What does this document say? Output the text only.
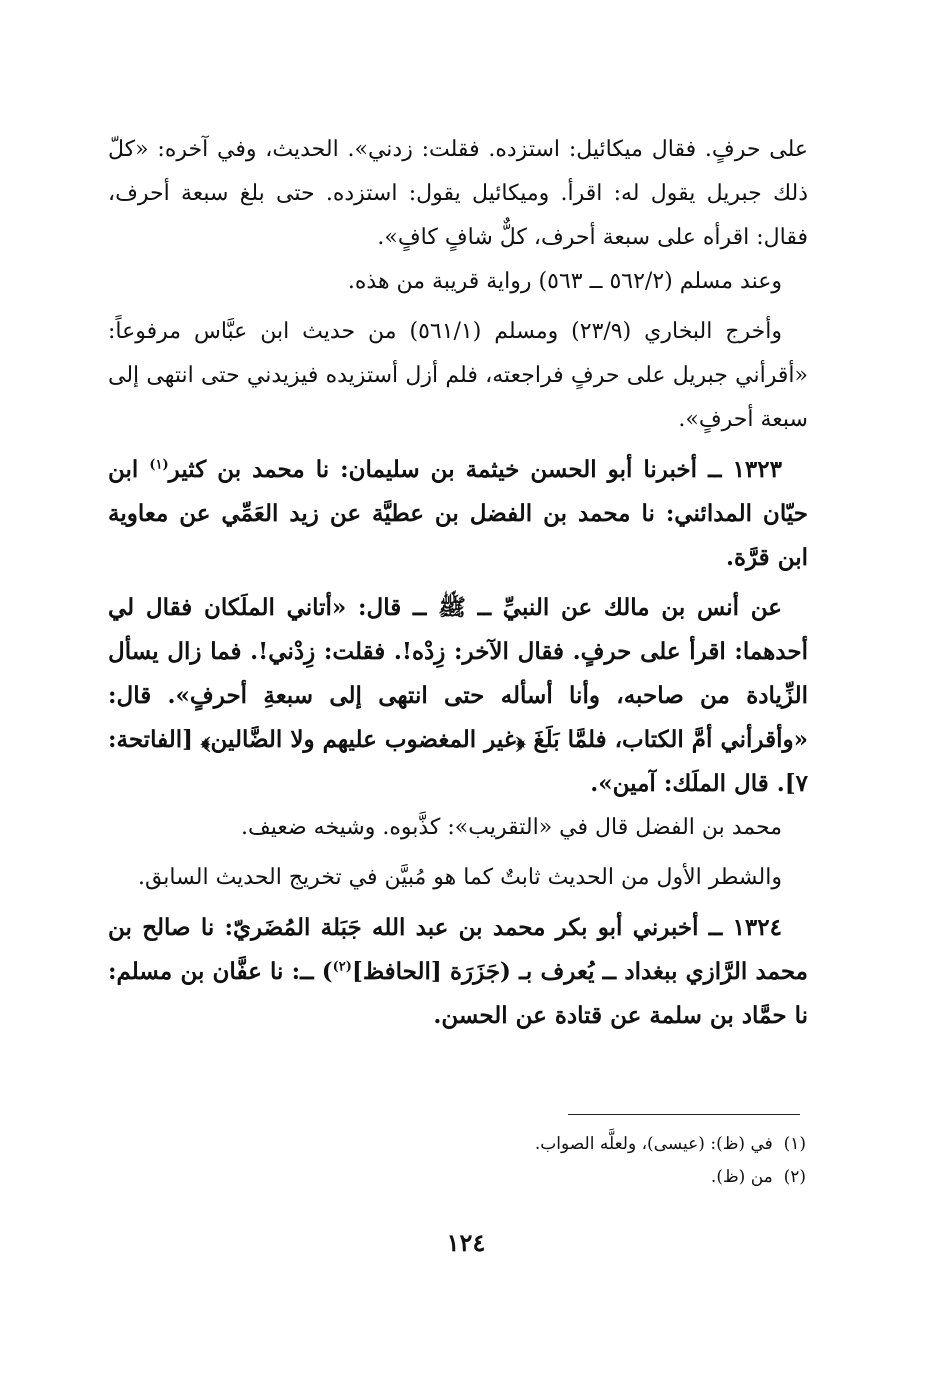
على حرفٍ. فقال ميكائيل: استزده. فقلت: زدني». الحديث، وفي آخره: «كلّ ذلك جبريل يقول له: اقرأ. وميكائيل يقول: استزده. حتى بلغ سبعة أحرف، فقال: اقرأه على سبعة أحرف، كلٌّ شافٍ كافٍ».

وعند مسلم (٥٦٢/٢ ــ ٥٦٣) رواية قريبة من هذه.

وأخرج البخاري (٢٣/٩) ومسلم (٥٦١/١) من حديث ابن عبَّاس مرفوعاً: «أقرأني جبريل على حرفٍ فراجعته، فلم أزل أستزيده فيزيدني حتى انتهى إلى سبعة أحرفٍ».

١٣٢٣ ــ أخبرنا أبو الحسن خيثمة بن سليمان: نا محمد بن كثير$^{(١)}$ ابن حيّان المدائني: نا محمد بن الفضل بن عطيَّة عن زيد العَمِّي عن معاوية ابن قرَّة.

عن أنس بن مالك عن النبيِّ ــ ﷺ ــ قال: «أتاني الملَكان فقال لي أحدهما: اقرأ على حرفٍ. فقال الآخر: زِدْه!. فقلت: زِدْني!. فما زال يسأل الزِّيادة من صاحبه، وأنا أسأله حتى انتهى إلى سبعةِ أحرفٍ». قال: «وأقرأني أمَّ الكتاب، فلمَّا بَلَغَ ﴿غير المغضوب عليهم ولا الضَّالين﴾ [الفاتحة: ٧]. قال الملَك: آمين».

محمد بن الفضل قال في «التقريب»: كذَّبوه. وشيخه ضعيف.

والشطر الأول من الحديث ثابتٌ كما هو مُبيَّن في تخريج الحديث السابق.

١٣٢٤ ــ أخبرني أبو بكر محمد بن عبد الله جَبَلة المُضَريّ: نا صالح بن محمد الرَّازي ببغداد ــ يُعرف بـ (جَزَرَة [الحافظ]$^{(٢)}$) ــ: نا عفَّان بن مسلم: نا حمَّاد بن سلمة عن قتادة عن الحسن.

(١)  في (ظ): (عيسى)، ولعلَّه الصواب.

(٢)  من (ظ).

١٢٤
